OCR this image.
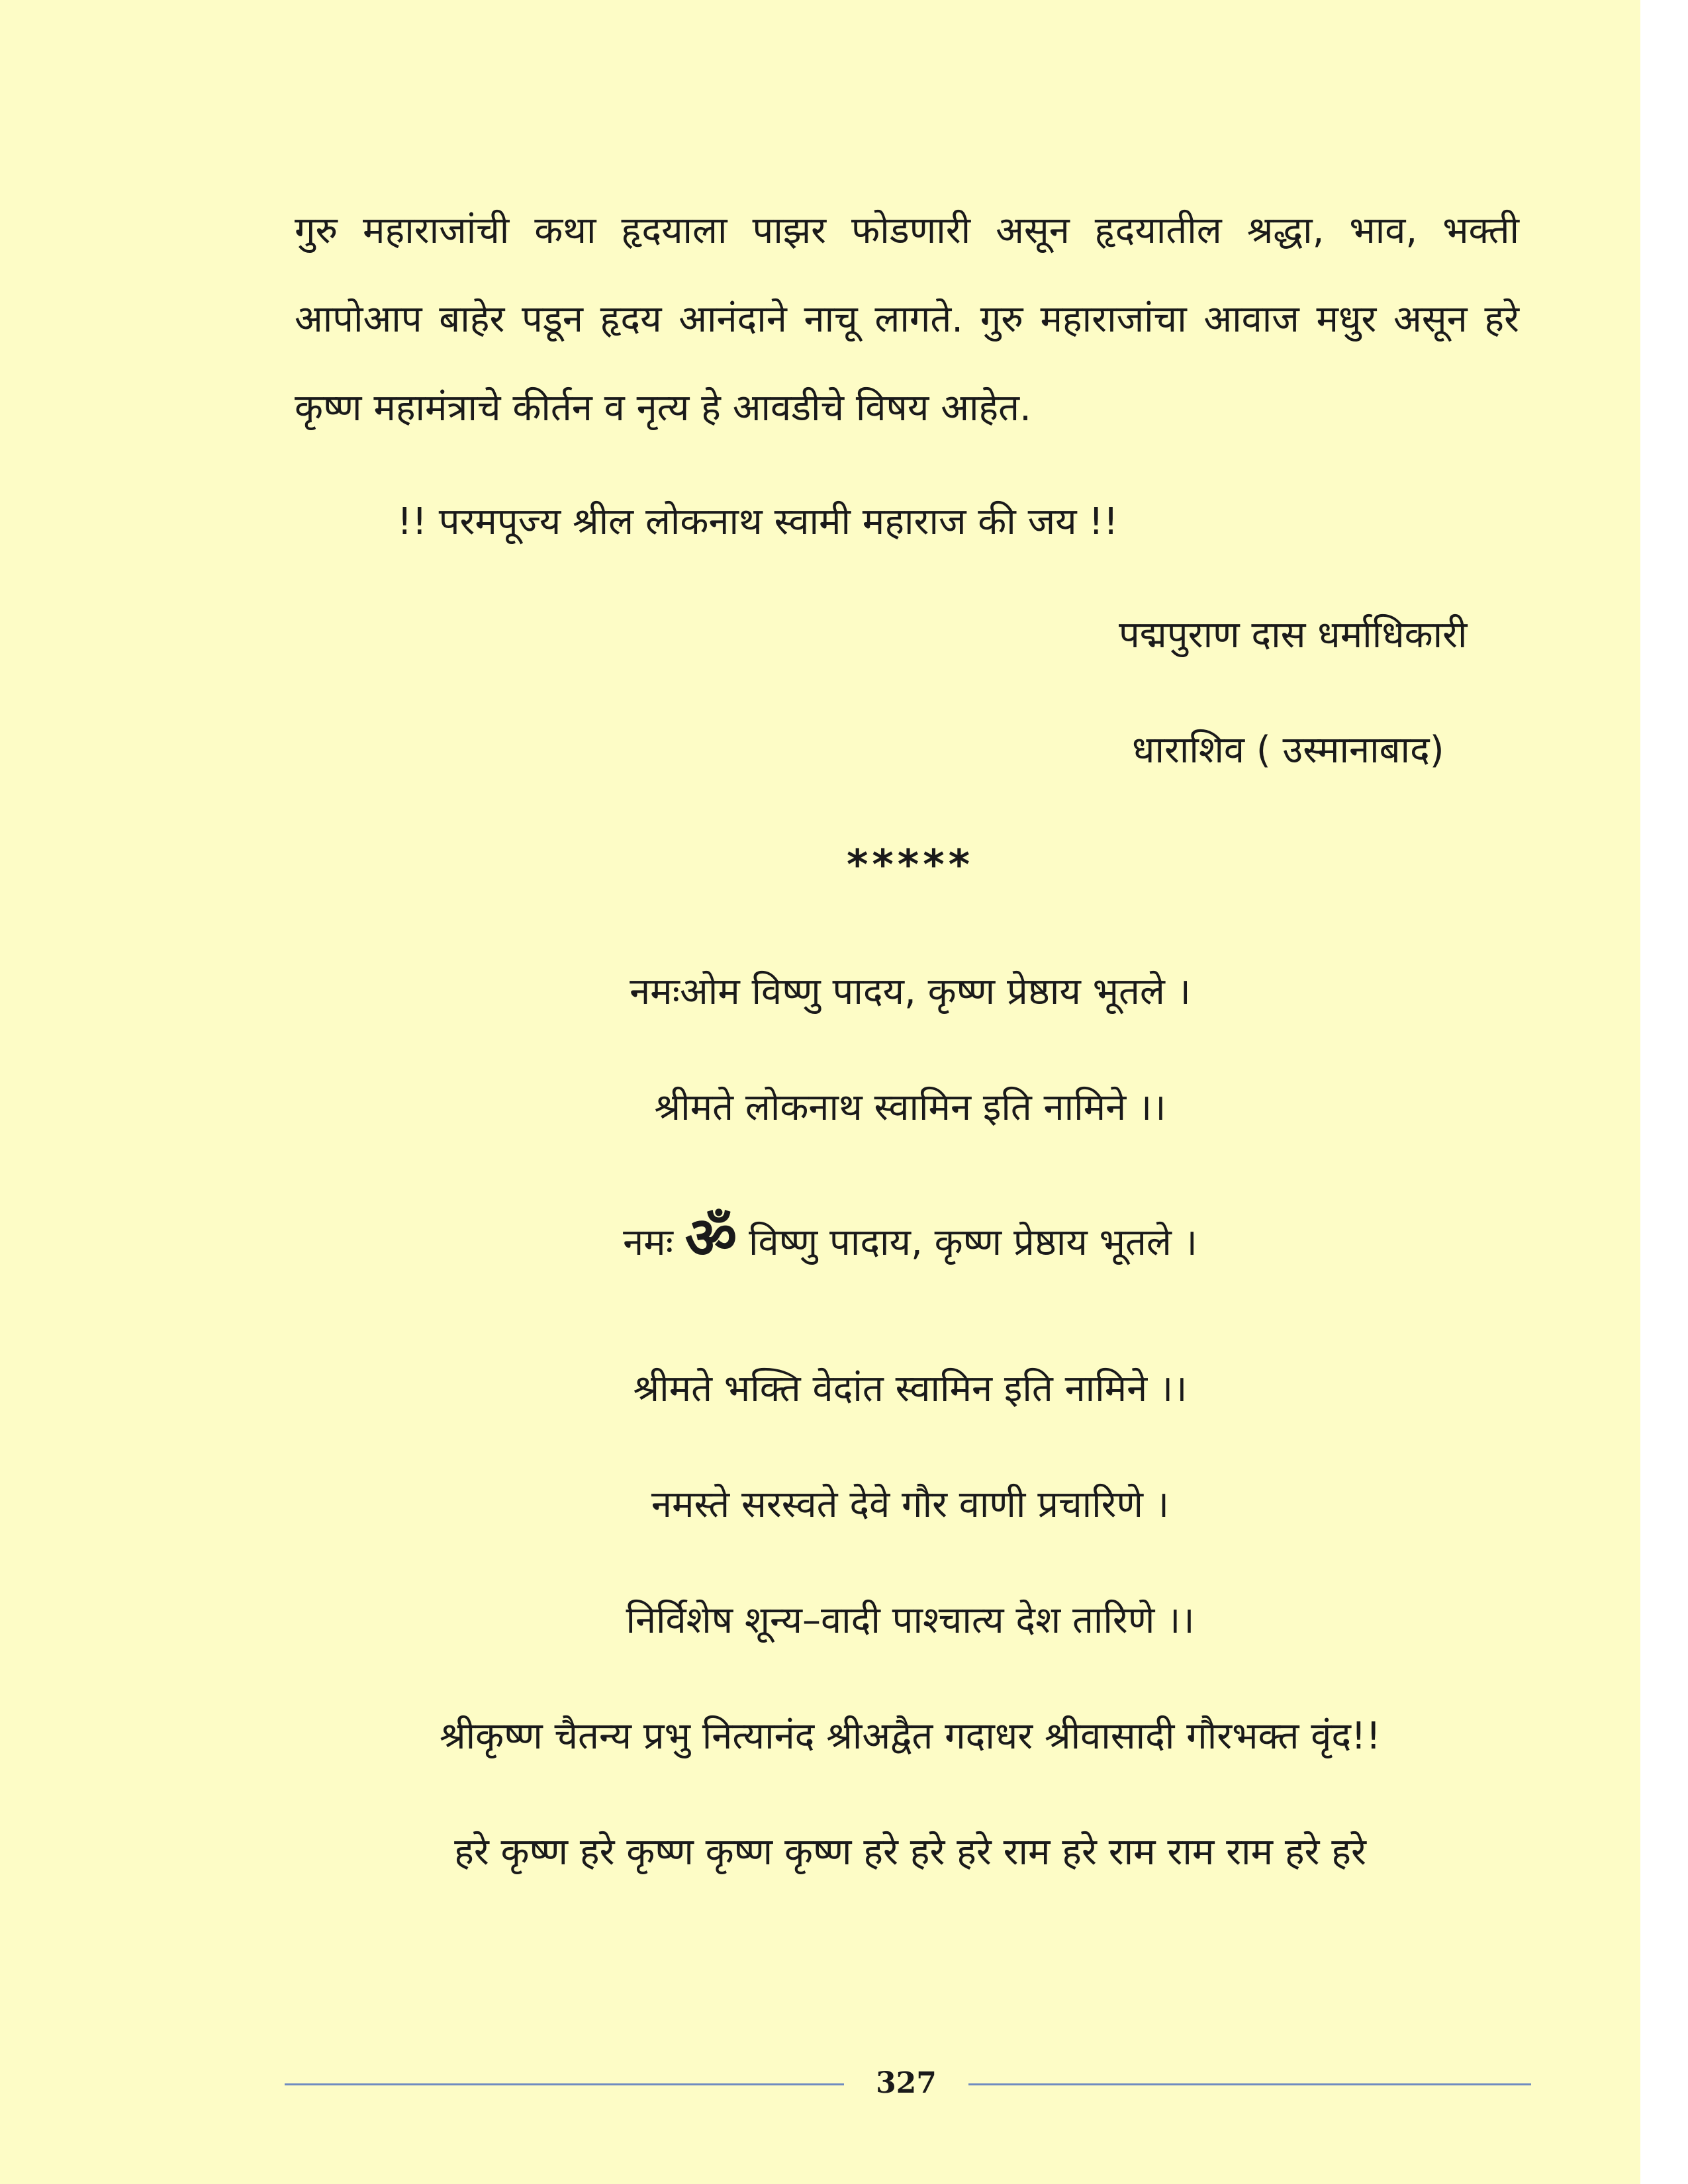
गुरु महाराजांची कथा हृदयाला पाझर फोडणारी असून हृदयातील श्रद्धा, भाव, भक्ती आपोआप बाहेर पडून हृदय आनंदाने नाचू लागते. गुरु महाराजांचा आवाज मधुर असून हरे कृष्ण महामंत्राचे कीर्तन व नृत्य हे आवडीचे विषय आहेत.

!! परमपूज्य श्रील लोकनाथ स्वामी महाराज की जय !!
पद्मपुराण दास धर्माधिकारी
धाराशिव ( उस्मानाबाद)
*****
नमःओम विष्णु पादय, कृष्ण प्रेष्ठाय भूतले ।
श्रीमते लोकनाथ स्वामिन इति नामिने ।।
नमः ॐ विष्णु पादाय, कृष्ण प्रेष्ठाय भूतले ।
श्रीमते भक्ति वेदांत स्वामिन इति नामिने ।।
नमस्ते सरस्वते देवे गौर वाणी प्रचारिणे ।
निर्विशेष शून्य–वादी पाश्चात्य देश तारिणे ।।
श्रीकृष्ण चैतन्य प्रभु नित्यानंद श्रीअद्वैत गदाधर श्रीवासादी गौरभक्त वृंद!!
हरे कृष्ण हरे कृष्ण कृष्ण कृष्ण हरे हरे हरे राम हरे राम राम राम हरे हरे
327
